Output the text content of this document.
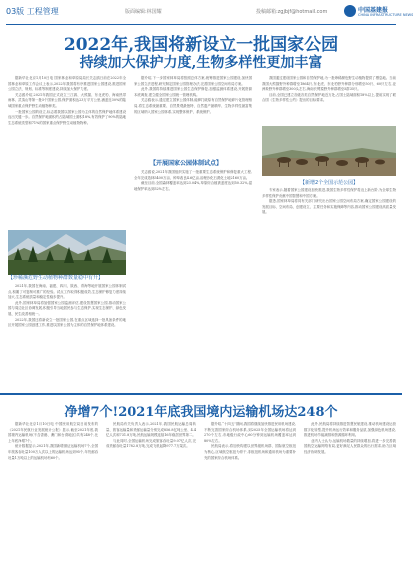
03版 工程管理	版面编辑:林国耀	投稿邮箱:zgjbjf@hotmail.com	中国基建报
CHINA INFRASTRUCTURE NEWS
2022年,我国将新设立一批国家公园
持续加大保护力度,生物多样性更加丰富

据新华社北京1月10日电 国家林业和草原局局长关志鸥日前在2022年全国林业和草原工作会议上表示,2022年我国将有序推进国家公园建设,推进国家公园立法、规划、标准等制度建设,持续加大保护力度。

关志鸥介绍,2021年我国正式设立三江源、大熊猫、东北虎豹、海南热带雨林、武夷山等第一批5个国家公园,保护面积达23万平方公里,涵盖近30%的陆域国家重点保护野生动植物种类。

一批国家公园的设立,标志着我国以国家公园为主体的自然保护地体系建设迈出关键一步。自然保护地面积约占陆域国土面积18%,有效保护了90%的陆地生态系统类型和71%的国家重点保护野生动植物物种。

据介绍,下一步国家林草局将按照总体方案,统筹推进国家公园建设,加快国家公园立法进程,研究制定国家公园管理办法,完善国家公园空间布局方案。

此外,我国将持续推进国家公园生态保护修复,加强监测体系建设,开展资源本底调查,建立健全国家公园统一管理机构。

关志鸥表示,通过建立国家公园体制,能够打破原有自然保护地碎片化管理格局,将生态系统最重要、自然景观最独特、自然遗产最精华、生物多样性最富集的区域纳入国家公园体系,实现整体保护、系统保护。

我国通过建设国家公园和自然保护地,为一批珍稀濒危野生动植物提供了栖息地。当前我国大熊猫野外种群增至1864只,东北虎、东北豹野外种群分别增至50只、60只左右,亚洲象野外种群增至300头左右,海南长臂猿野外种群增至5群35只。

目前,全国已建立各级各类自然保护地近万处,占国土陆域面积18%以上,提前实现了联合国《生物多样性公约》提出的目标要求。

【珍稀濒危野生动植物种群数量稳中有升】

2021年,我国在海南、福建、四川、陕西、青海等地开展国家公园体制试点,积累了可复制可推广的经验。试点工作取得积极成效,生态保护修复力度持续加大,生态系统质量和稳定性稳步提升。

此外,国家林草局将加强国家公园监测评估,建设智慧国家公园,推动国家公园与周边社区协调发展,积极引导当地居民参与生态保护,实现生态保护、绿色发展、民生改善相统一。

2022年,我国还将新设立一批国家公园,在重点区域选择一批具备条件的地区开展国家公园创建工作,推进以国家公园为主体的自然保护地体系建设。

【新增2个全国示范公园】
【开展国家公园体制试点】

关志鸥说,2021年我国组织实施了一批重要生态系统保护和修复重大工程,全年完成造林5400万亩、种草改良4.6亿亩,治理沙化石漠化土地2160万亩。

截至目前,全国森林覆盖率达到23.04%,草原综合植被盖度达到50.32%,湿地保护率达到52%左右。	专家表示,随着国家公园建设加快推进,我国生物多样性保护将迈上新台阶,为全球生物多样性保护贡献中国智慧和中国方案。

据悉,国家林草局将同有关部门研究出台国家公园空间布局方案,确定国家公园建设的发展目标、空间布局、创建设立、主要任务和实施保障等内容,推动国家公园建设高质量发展。

净增7个!2021年底我国境内运输机场达248个

据新华社北京1月10日电 中国民用航空局日前发布的《2021年民航行业发展统计公报》显示,截至2021年底,我国境内运输机场(不含香港、澳门和台湾地区)共有248个,比上年底净增7个。

统计数据显示,2021年,我国新增颁证运输机场7个,全国年旅客吞吐量100万人次以上的运输机场达到95个,年货邮吞吐量1万吨以上的运输机场有60个。

民航局有关负责人表示,2021年,我国民航运输总周转量、旅客运输量和货邮运输量分别完成856.8亿吨公里、4.4亿人次和731.8万吨,民航运输规模连续16年稳居世界第二。

与此同时,全国运输机场完成旅客吞吐量9.07亿人次,完成货邮吞吐量1782.8万吨,完成飞机起降977.7万架次。

据介绍,“十四五”期间,我国将继续加快推进民用机场建设,不断完善国家综合机场体系,到2025年全国运输机场将达到270个左右,市地级行政中心60分钟到运输机场覆盖率达到80%左右。

民航局表示,将加快构建以世界级机场群、国际航空枢纽为核心,区域航空枢纽为骨干,非枢纽机场和通用机场为重要补充的国家综合机场体系。

此外,民航局将持续推进智慧民航建设,推动机场建设运营数字化转型,提升机场运行效率和服务品质,加强绿色机场建设,推进机场节能减排和资源循环利用。

业内人士认为,运输机场数量的持续增加,将进一步完善我国航空运输网络布局,更好满足人民群众的出行需求,助力区域经济协调发展。
